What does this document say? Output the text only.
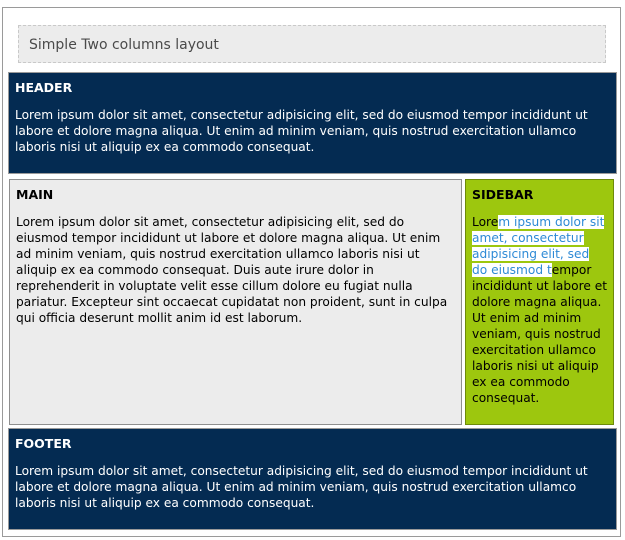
Simple Two columns layout
HEADER

Lorem ipsum dolor sit amet, consectetur adipisicing elit, sed do eiusmod tempor incididunt ut labore et dolore magna aliqua. Ut enim ad minim veniam, quis nostrud exercitation ullamco laboris nisi ut aliquip ex ea commodo consequat.

MAIN

Lorem ipsum dolor sit amet, consectetur adipisicing elit, sed do eiusmod tempor incididunt ut labore et dolore magna aliqua. Ut enim ad minim veniam, quis nostrud exercitation ullamco laboris nisi ut aliquip ex ea commodo consequat. Duis aute irure dolor in reprehenderit in voluptate velit esse cillum dolore eu fugiat nulla pariatur. Excepteur sint occaecat cupidatat non proident, sunt in culpa qui officia deserunt mollit anim id est laborum.

SIDEBAR

Lorem ipsum dolor sit amet, consectetur adipisicing elit, sed do eiusmod tempor incididunt ut labore et dolore magna aliqua. Ut enim ad minim veniam, quis nostrud exercitation ullamco laboris nisi ut aliquip ex ea commodo consequat.

FOOTER

Lorem ipsum dolor sit amet, consectetur adipisicing elit, sed do eiusmod tempor incididunt ut labore et dolore magna aliqua. Ut enim ad minim veniam, quis nostrud exercitation ullamco laboris nisi ut aliquip ex ea commodo consequat.
